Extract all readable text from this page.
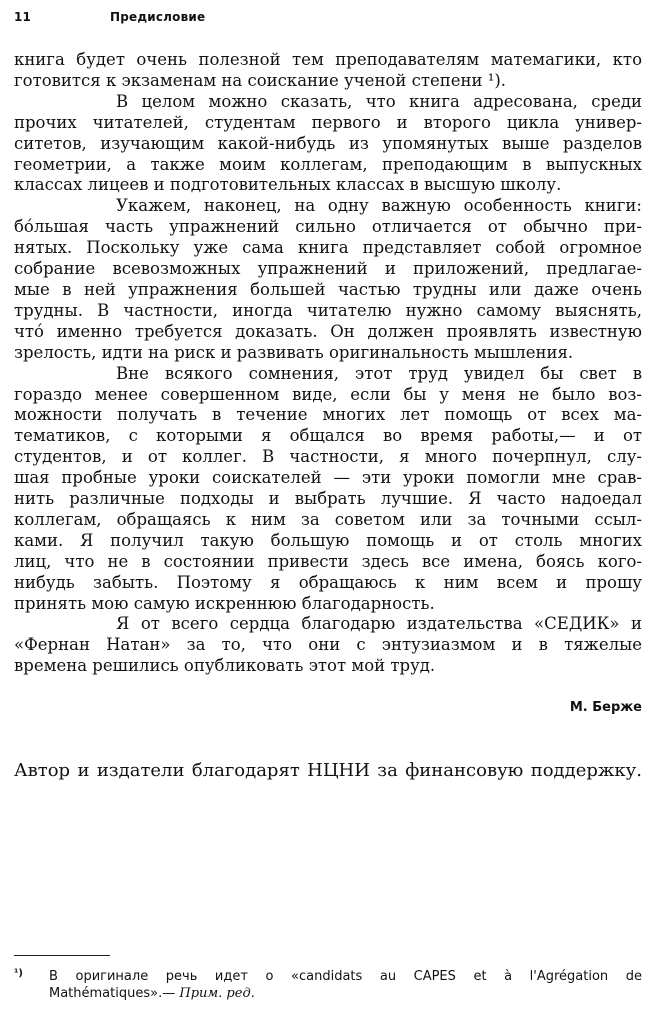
11	Предисловие
книга будет очень полезной тем преподавателям матемагики, кто
готовится к экзаменам на соискание ученой степени ¹).
В целом можно сказать, что книга адресована, среди
прочих читателей, студентам первого и второго цикла универ-
ситетов, изучающим какой-нибудь из упомянутых выше разделов
геометрии, а также моим коллегам, преподающим в выпускных
классах лицеев и подготовительных классах в высшую школу.
Укажем, наконец, на одну важную особенность книги:
бо́льшая часть упражнений сильно отличается от обычно при-
нятых. Поскольку уже сама книга представляет собой огромное
собрание всевозможных упражнений и приложений, предлагае-
мые в ней упражнения большей частью трудны или даже очень
трудны. В частности, иногда читателю нужно самому выяснять,
что́ именно требуется доказать. Он должен проявлять известную
зрелость, идти на риск и развивать оригинальность мышления.
Вне всякого сомнения, этот труд увидел бы свет в
гораздо менее совершенном виде, если бы у меня не было воз-
можности получать в течение многих лет помощь от всех ма-
тематиков, с которыми я общался во время работы,— и от
студентов, и от коллег. В частности, я много почерпнул, слу-
шая пробные уроки соискателей — эти уроки помогли мне срав-
нить различные подходы и выбрать лучшие. Я часто надоедал
коллегам, обращаясь к ним за советом или за точными ссыл-
ками. Я получил такую большую помощь и от столь многих
лиц, что не в состоянии привести здесь все имена, боясь кого-
нибудь забыть. Поэтому я обращаюсь к ним всем и прошу
принять мою самую искреннюю благодарность.
Я от всего сердца благодарю издательства «СЕДИК» и
«Фернан Натан» за то, что они с энтузиазмом и в тяжелые
времена решились опубликовать этот мой труд.
М. Берже
Автор и издатели благодарят НЦНИ за финансовую поддержку.
¹) В оригинале речь идет о «candidats au CAPES et à l'Agrégation de
Mathématiques».— Прим. ред.
